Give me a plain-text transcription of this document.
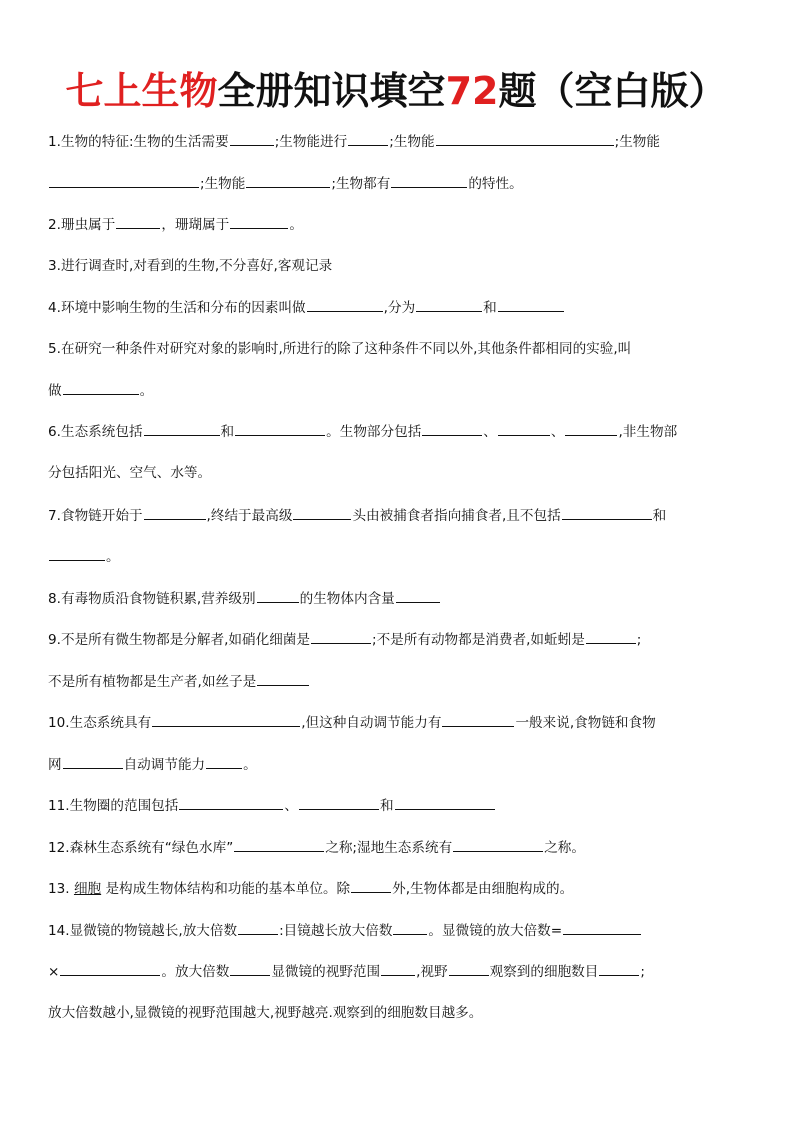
七上生物全册知识填空72题（空白版）
1.生物的特征:生物的生活需要	;生物能进行	;生物能	;生物能
;生物能	;生物都有	的特性。
2.珊虫属于	，珊瑚属于	。
3.进行调查时,对看到的生物,不分喜好,客观记录
4.环境中影响生物的生活和分布的因素叫做	,分为	和
5.在研究一种条件对研究对象的影响时,所进行的除了这种条件不同以外,其他条件都相同的实验,叫
做	。
6.生态系统包括	和	。生物部分包括	、	、	,非生物部
分包括阳光、空气、水等。
7.食物链开始于	,终结于最高级	头由被捕食者指向捕食者,且不包括	和
。
8.有毒物质沿食物链积累,营养级别	的生物体内含量
9.不是所有微生物都是分解者,如硝化细菌是	;不是所有动物都是消费者,如蚯蚓是	;
不是所有植物都是生产者,如丝子是
10.生态系统具有	,但这种自动调节能力有	一般来说,食物链和食物
网	自动调节能力	。
11.生物圈的范围包括	、	和
12.森林生态系统有“绿色水库”	之称;湿地生态系统有	之称。
13. 细胞 是构成生物体结构和功能的基本单位。除	外,生物体都是由细胞构成的。
14.显微镜的物镜越长,放大倍数	:目镜越长放大倍数	。显微镜的放大倍数=
×	。放大倍数	显微镜的视野范围	,视野	观察到的细胞数目	;
放大倍数越小,显微镜的视野范围越大,视野越亮.观察到的细胞数目越多。
